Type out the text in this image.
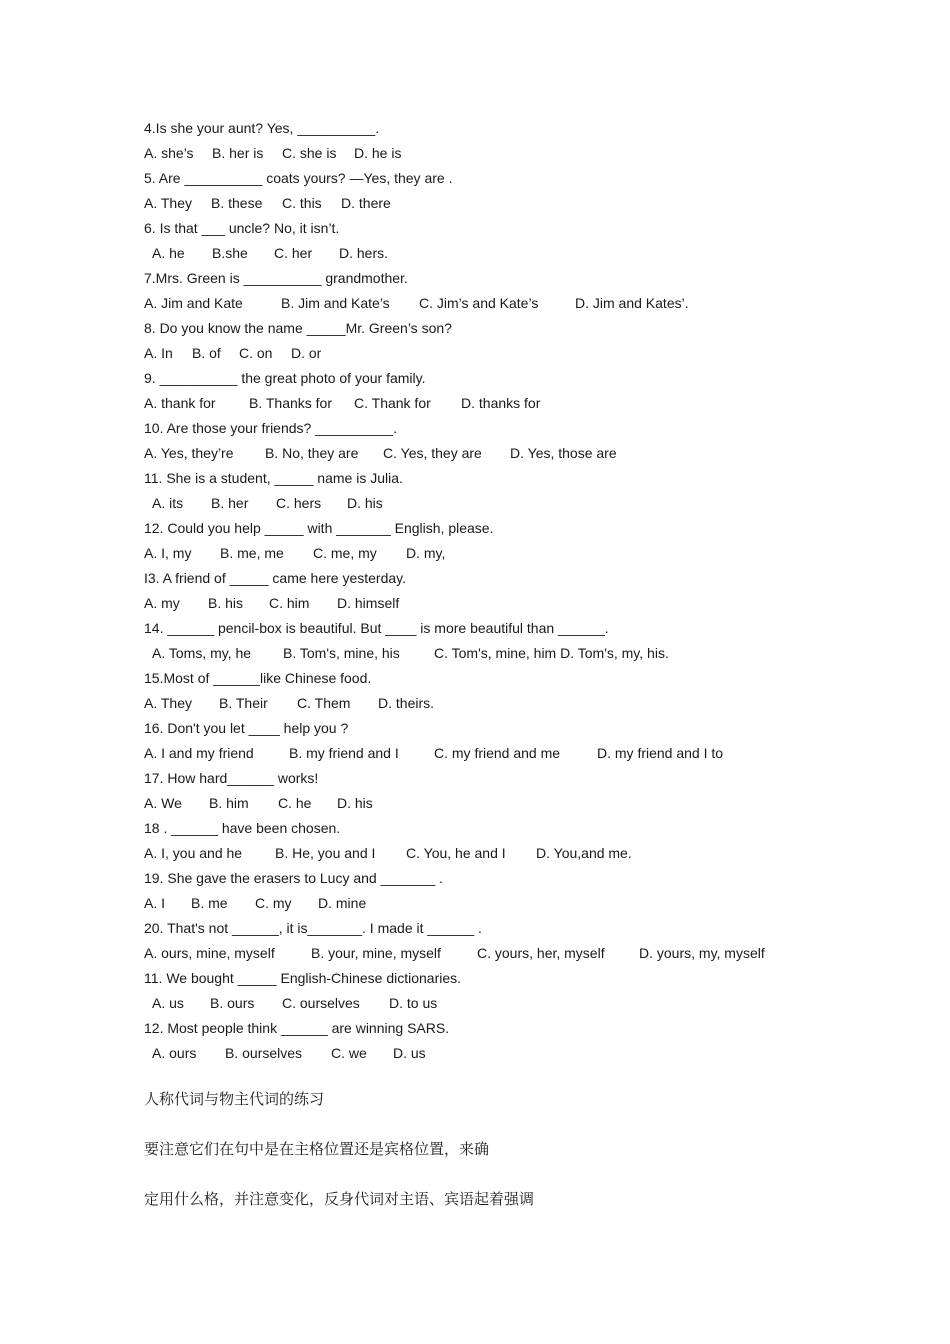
4.Is she your aunt? Yes, __________.
A. she’s B. her is C. she is D. he is
5. Are __________ coats yours? —Yes, they are .
A. They B. these C. this D. there
6. Is that ___ uncle? No, it isn’t.
A. he B.she C. her D. hers.
7.Mrs. Green is __________ grandmother.
A. Jim and Kate	B. Jim and Kate’s C. Jim’s and Kate’s	D. Jim and Kates’.
8. Do you know the name _____Mr. Green’s son?
A. In B. of C. on D. or
9. __________ the great photo of your family.
A. thank for B. Thanks for C. Thank for D. thanks for
10. Are those your friends? __________.
A. Yes, they’re B. No, they are C. Yes, they are D. Yes, those are
11. She is a student, _____ name is Julia.
A. its B. her C. hers D. his
12. Could you help _____ with _______ English, please.
A. I, my B. me, me C. me, my D. my,
I3. A friend of _____ came here yesterday.
A. my B. his C. him D. himself
14. ______ pencil-box is beautiful. But ____ is more beautiful than ______.
A. Toms, my, he B. Tom's, mine, his C. Tom's, mine, him D. Tom's, my, his.
15.Most of ______like Chinese food.
A. They B. Their C. Them D. theirs.
16. Don't you let ____ help you ?
A. I and my friend	B. my friend and I	C. my friend and me	D. my friend and I to
17. How hard______ works!
A. We B. him C. he D. his
18 . ______ have been chosen.
A. I, you and he B. He, you and I C. You, he and I D. You,and me.
19. She gave the erasers to Lucy and _______ .
A. I B. me C. my D. mine
20. That's not ______, it is_______. I made it ______ .
A. ours, mine, myself	B. your, mine, myself	C. yours, her, myself D. yours, my, myself
11. We bought _____ English-Chinese dictionaries.
A. us B. ours C. ourselves D. to us
12. Most people think ______ are winning SARS.
A. ours B. ourselves C. we D. us
人称代词与物主代词的练习
要注意它们在句中是在主格位置还是宾格位置，来确
定用什么格，并注意变化，反身代词对主语、宾语起着强调
